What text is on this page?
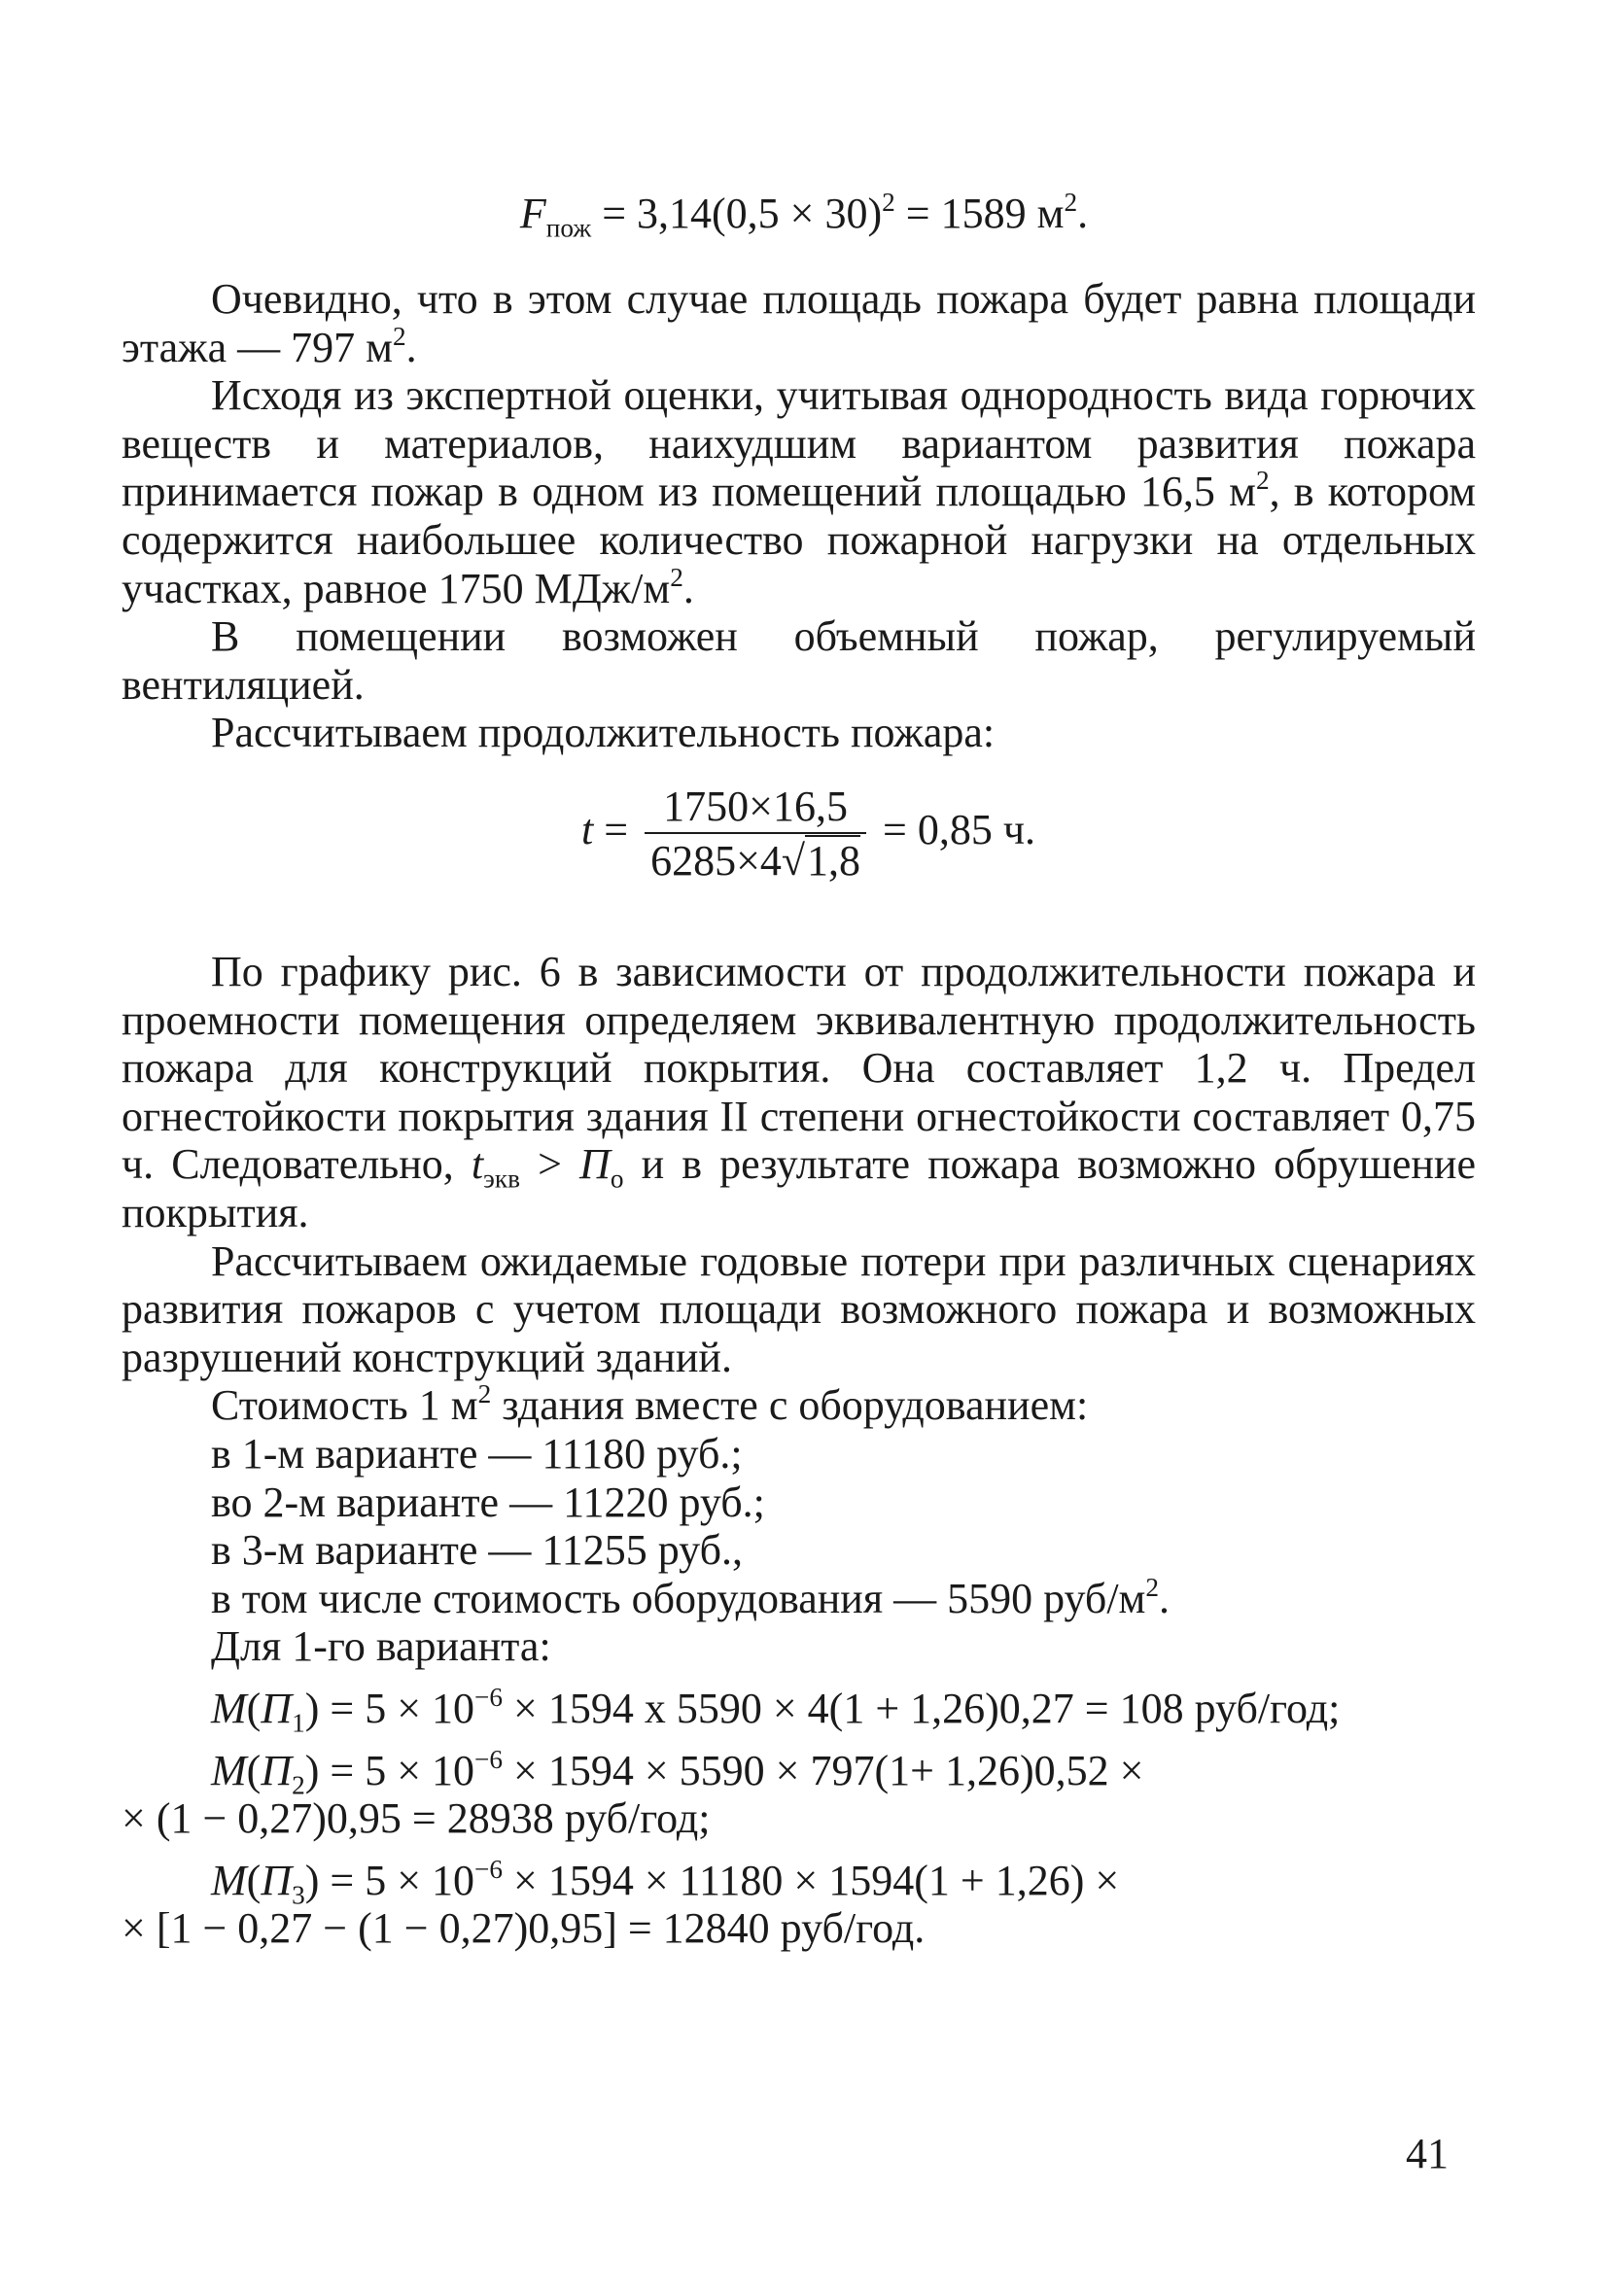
$F_{пож} = 3,14(0,5 \times 30)^2 = 1589$ $м^2$.

Очевидно, что в этом случае площадь пожара будет равна площади этажа — 797 $м^2$.

Исходя из экспертной оценки, учитывая однородность вида горючих веществ и материалов, наихудшим вариантом развития пожара принимается пожар в одном из помещений площадью 16,5 $м^2$, в котором содержится наибольшее количество пожарной нагрузки на отдельных участках, равное 1750 МДж/$м^2$.

В помещении возможен объемный пожар, регулируемый вентиляцией.

Рассчитываем продолжительность пожара:

$t = \frac{1750\times 16,5}{6285\times 4√1,8} = 0,85$ ч.

По графику рис. 6 в зависимости от продолжительности пожара и проемности помещения определяем эквивалентную продолжительность пожара для конструкций покрытия. Она составляет 1,2 ч. Предел огнестойкости покрытия здания II степени огнестойкости составляет 0,75 ч. Следовательно, $t_{экв} > П_о$ и в результате пожара возможно обрушение покрытия.

Рассчитываем ожидаемые годовые потери при различных сценариях развития пожаров с учетом площади возможного пожара и возможных разрушений конструкций зданий.

Стоимость 1 $м^2$ здания вместе с оборудованием:

в 1-м варианте — 11180 руб.;

во 2-м варианте — 11220 руб.;

в 3-м варианте — 11255 руб.,

в том числе стоимость оборудования — 5590 руб/$м^2$.

Для 1-го варианта:

$M(П_1) = 5 \times 10^{-6} \times 1594$ x 5590 × 4(1 + 1,26)0,27 = 108 руб/год;

$M(П_2) = 5 \times 10^{-6} \times 1594 \times 5590 \times 797(1+ 1,26)0,52$ ×

× (1 − 0,27)0,95 = 28938 руб/год;

$M(П_3) = 5 \times 10^{-6} \times 1594 \times 11180 \times 1594(1 + 1,26)$ ×

× [1 − 0,27 − (1 − 0,27)0,95] = 12840 руб/год.

41
